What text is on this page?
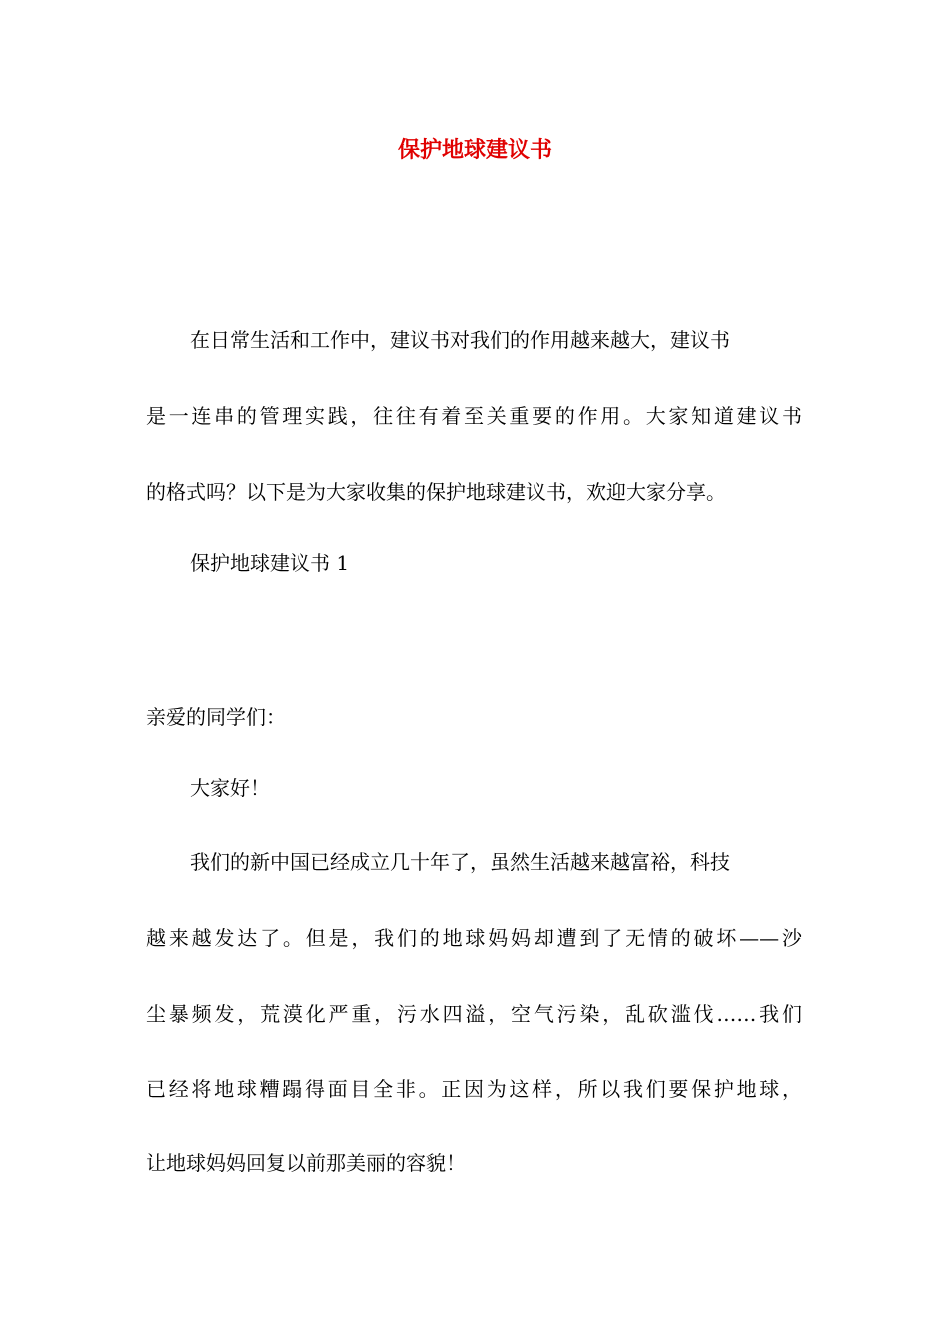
保护地球建议书
在日常生活和工作中，建议书对我们的作用越来越大，建议书
是一连串的管理实践，往往有着至关重要的作用。大家知道建议书
的格式吗？以下是为大家收集的保护地球建议书，欢迎大家分享。
保护地球建议书 1
亲爱的同学们：
大家好！
我们的新中国已经成立几十年了，虽然生活越来越富裕，科技
越来越发达了。但是，我们的地球妈妈却遭到了无情的破坏——沙
尘暴频发，荒漠化严重，污水四溢，空气污染，乱砍滥伐……我们
已经将地球糟蹋得面目全非。正因为这样，所以我们要保护地球，
让地球妈妈回复以前那美丽的容貌！
